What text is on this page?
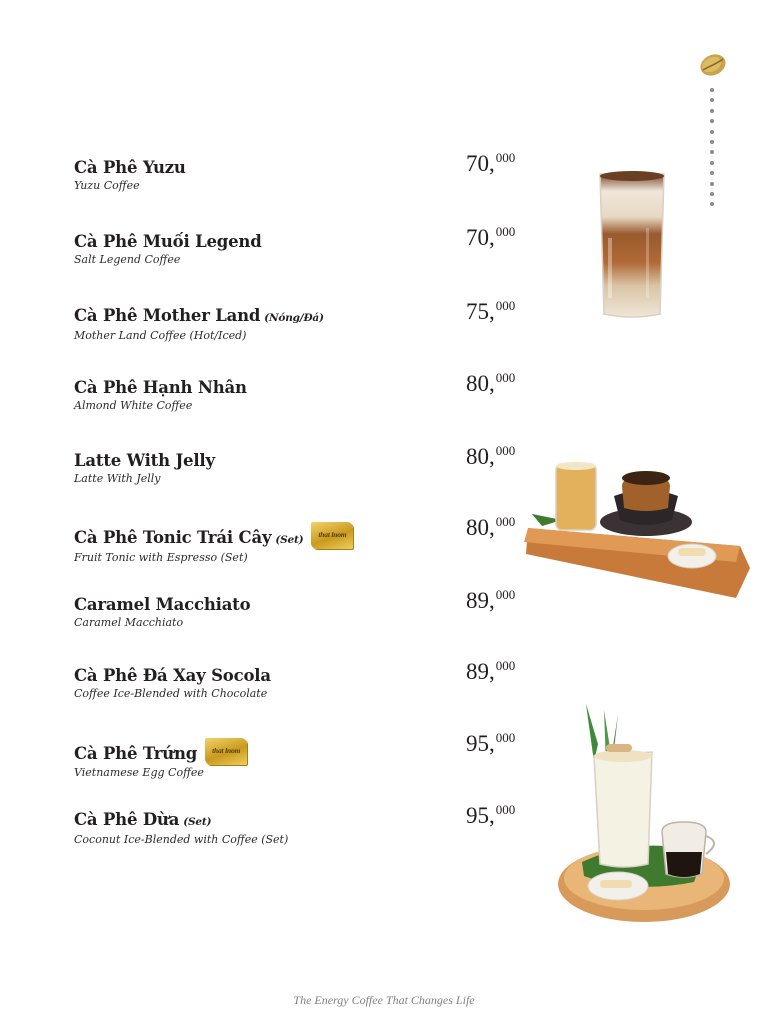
Cà Phê Yuzu
Yuzu Coffee
70,$^{000}$
Cà Phê Muối Legend
Salt Legend Coffee
70,$^{000}$
Cà Phê Mother Land (Nóng/Đá)
Mother Land Coffee (Hot/Iced)
75,$^{000}$
Cà Phê Hạnh Nhân
Almond White Coffee
80,$^{000}$
Latte With Jelly
Latte With Jelly
80,$^{000}$
Cà Phê Tonic Trái Cây (Set) that lnom
Fruit Tonic with Espresso (Set)
80,$^{000}$
Caramel Macchiato
Caramel Macchiato
89,$^{000}$
Cà Phê Đá Xay Socola
Coffee Ice-Blended with Chocolate
89,$^{000}$
Cà Phê Trứng that lnom
Vietnamese Egg Coffee
95,$^{000}$
Cà Phê Dừa (Set)
Coconut Ice-Blended with Coffee (Set)
95,$^{000}$
The Energy Coffee That Changes Life
